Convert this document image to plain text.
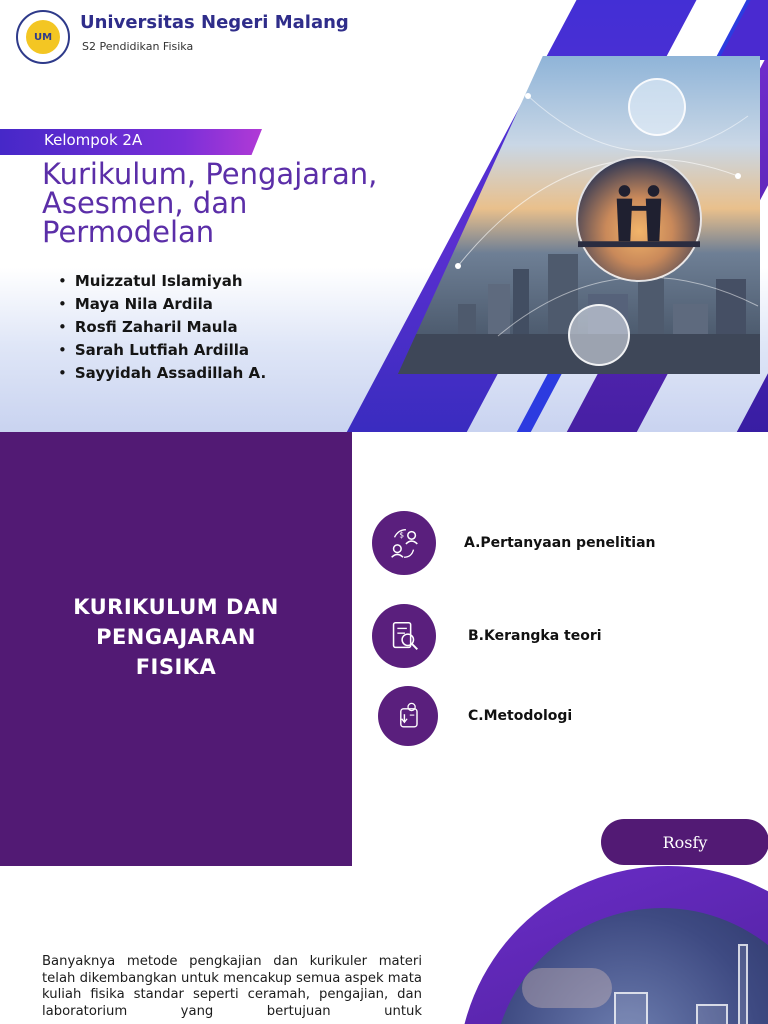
UM
Universitas Negeri Malang
S2 Pendidikan Fisika
Kelompok 2A
Kurikulum, Pengajaran,
Asesmen, dan
Permodelan
• Muizzatul Islamiyah
• Maya Nila Ardila
• Rosfi Zaharil Maula
• Sarah Lutfiah Ardilla
• Sayyidah Assadillah A.
KURIKULUM DAN
PENGAJARAN
FISIKA
$
A.Pertanyaan penelitian
B.Kerangka teori
C.Metodologi
Rosfy

Banyaknya metode pengkajian dan kurikuler materi telah dikembangkan untuk mencakup semua aspek mata kuliah fisika standar seperti ceramah, pengajian, dan laboratorium yang bertujuan untuk
